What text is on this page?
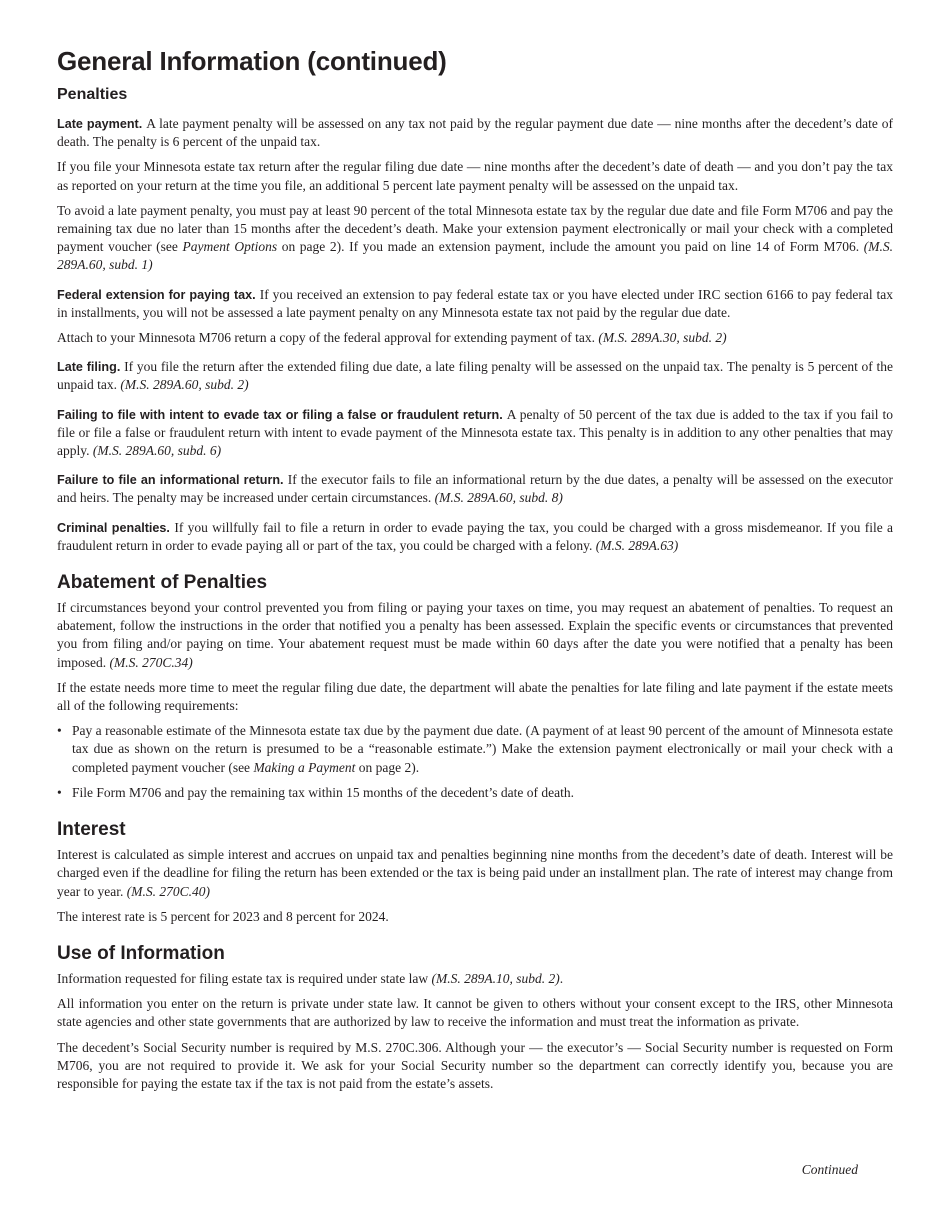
General Information (continued)
Penalties

Late payment. A late payment penalty will be assessed on any tax not paid by the regular payment due date — nine months after the decedent’s date of death. The penalty is 6 percent of the unpaid tax.

If you file your Minnesota estate tax return after the regular filing due date — nine months after the decedent’s date of death — and you don’t pay the tax as reported on your return at the time you file, an additional 5 percent late payment penalty will be assessed on the unpaid tax.

To avoid a late payment penalty, you must pay at least 90 percent of the total Minnesota estate tax by the regular due date and file Form M706 and pay the remaining tax due no later than 15 months after the decedent’s death. Make your extension payment electronically or mail your check with a completed payment voucher (see Payment Options on page 2). If you made an extension payment, include the amount you paid on line 14 of Form M706. (M.S. 289A.60, subd. 1)

Federal extension for paying tax. If you received an extension to pay federal estate tax or you have elected under IRC section 6166 to pay federal tax in installments, you will not be assessed a late payment penalty on any Minnesota estate tax not paid by the regular due date.

Attach to your Minnesota M706 return a copy of the federal approval for extending payment of tax. (M.S. 289A.30, subd. 2)

Late filing. If you file the return after the extended filing due date, a late filing penalty will be assessed on the unpaid tax. The penalty is 5 percent of the unpaid tax. (M.S. 289A.60, subd. 2)

Failing to file with intent to evade tax or filing a false or fraudulent return. A penalty of 50 percent of the tax due is added to the tax if you fail to file or file a false or fraudulent return with intent to evade payment of the Minnesota estate tax. This penalty is in addition to any other penalties that may apply. (M.S. 289A.60, subd. 6)

Failure to file an informational return. If the executor fails to file an informational return by the due dates, a penalty will be assessed on the executor and heirs. The penalty may be increased under certain circumstances. (M.S. 289A.60, subd. 8)

Criminal penalties. If you willfully fail to file a return in order to evade paying the tax, you could be charged with a gross misdemeanor. If you file a fraudulent return in order to evade paying all or part of the tax, you could be charged with a felony. (M.S. 289A.63)

Abatement of Penalties

If circumstances beyond your control prevented you from filing or paying your taxes on time, you may request an abatement of penalties. To request an abatement, follow the instructions in the order that notified you a penalty has been assessed. Explain the specific events or circumstances that prevented you from filing and/or paying on time. Your abatement request must be made within 60 days after the date you were notified that a penalty has been imposed. (M.S. 270C.34)

If the estate needs more time to meet the regular filing due date, the department will abate the penalties for late filing and late payment if the estate meets all of the following requirements:

• Pay a reasonable estimate of the Minnesota estate tax due by the payment due date. (A payment of at least 90 percent of the amount of Minnesota estate tax due as shown on the return is presumed to be a “reasonable estimate.”) Make the extension payment electronically or mail your check with a completed payment voucher (see Making a Payment on page 2).
• File Form M706 and pay the remaining tax within 15 months of the decedent’s date of death.
Interest

Interest is calculated as simple interest and accrues on unpaid tax and penalties beginning nine months from the decedent’s date of death. Interest will be charged even if the deadline for filing the return has been extended or the tax is being paid under an installment plan. The rate of interest may change from year to year. (M.S. 270C.40)

The interest rate is 5 percent for 2023 and 8 percent for 2024.

Use of Information

Information requested for filing estate tax is required under state law (M.S. 289A.10, subd. 2).

All information you enter on the return is private under state law. It cannot be given to others without your consent except to the IRS, other Minnesota state agencies and other state governments that are authorized by law to receive the information and must treat the information as private.

The decedent’s Social Security number is required by M.S. 270C.306. Although your — the executor’s — Social Security number is requested on Form M706, you are not required to provide it. We ask for your Social Security number so the department can correctly identify you, because you are responsible for paying the estate tax if the tax is not paid from the estate’s assets.

Continued
